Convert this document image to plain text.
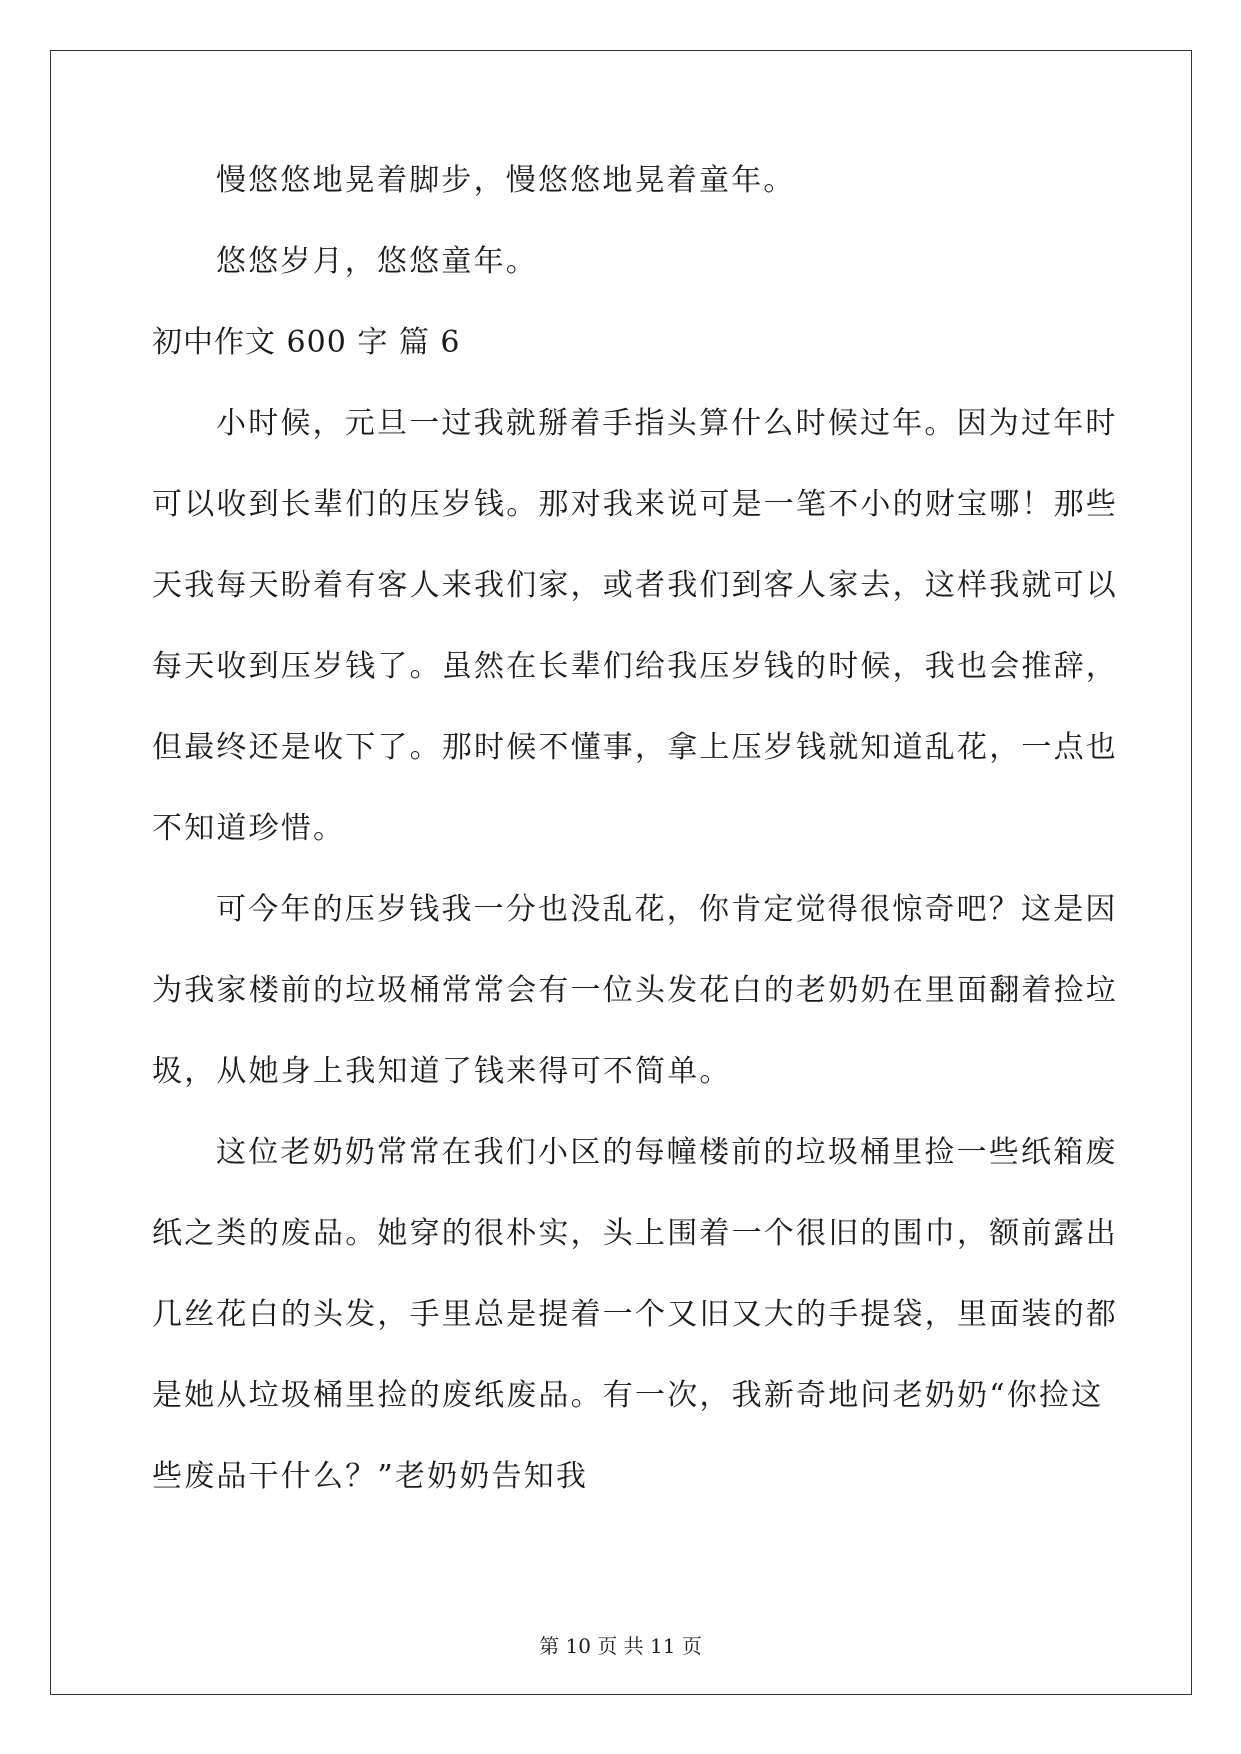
慢悠悠地晃着脚步，慢悠悠地晃着童年。

悠悠岁月，悠悠童年。

初中作文 600 字 篇 6

小时候，元旦一过我就掰着手指头算什么时候过年。因为过年时

可以收到长辈们的压岁钱。那对我来说可是一笔不小的财宝哪！那些

天我每天盼着有客人来我们家，或者我们到客人家去，这样我就可以

每天收到压岁钱了。虽然在长辈们给我压岁钱的时候，我也会推辞，

但最终还是收下了。那时候不懂事，拿上压岁钱就知道乱花，一点也

不知道珍惜。

可今年的压岁钱我一分也没乱花，你肯定觉得很惊奇吧？这是因

为我家楼前的垃圾桶常常会有一位头发花白的老奶奶在里面翻着捡垃

圾，从她身上我知道了钱来得可不简单。

这位老奶奶常常在我们小区的每幢楼前的垃圾桶里捡一些纸箱废

纸之类的废品。她穿的很朴实，头上围着一个很旧的围巾，额前露出

几丝花白的头发，手里总是提着一个又旧又大的手提袋，里面装的都

是她从垃圾桶里捡的废纸废品。有一次，我新奇地问老奶奶“你捡这

些废品干什么？”老奶奶告知我

第 10 页 共 11 页
